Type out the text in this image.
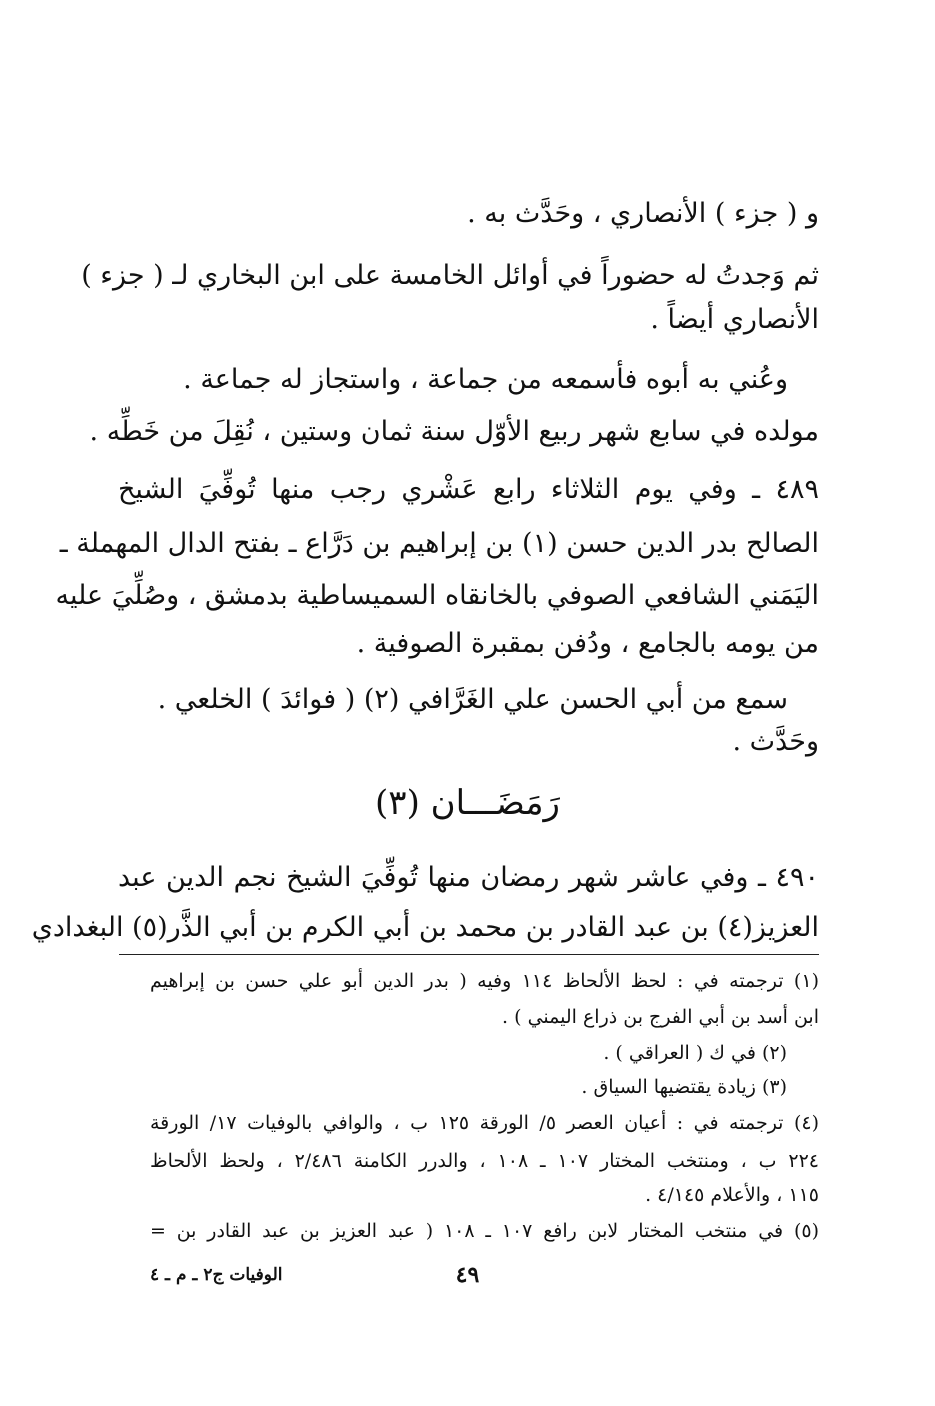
و ( جزء ) الأنصاري ، وحَدَّث به .
ثم وَجدتُ له حضوراً في أوائل الخامسة على ابن البخاري لـ ( جزء )
الأنصاري أيضاً .
وعُني به أبوه فأسمعه من جماعة ، واستجاز له جماعة .
مولده في سابع شهر ربيع الأوّل سنة ثمان وستين ، نُقِلَ من خَطِّه .
٤٨٩ ـ وفي يوم الثلاثاء رابع عَشْري رجب منها تُوفِّيَ الشيخ
الصالح بدر الدين حسن (١) بن إبراهيم بن دَرَّاع ـ بفتح الدال المهملة ـ
اليَمَني الشافعي الصوفي بالخانقاه السميساطية بدمشق ، وصُلِّيَ عليه
من يومه بالجامع ، ودُفن بمقبرة الصوفية .
سمع من أبي الحسن علي الغَرَّافي (٢) ( فوائدَ ) الخلعي .
وحَدَّث .
رَمَضَـــان (٣)
٤٩٠ ـ وفي عاشر شهر رمضان منها تُوفِّيَ الشيخ نجم الدين عبد
العزيز(٤) بن عبد القادر بن محمد بن أبي الكرم بن أبي الذَّر(٥) البغدادي
(١) ترجمته في : لحظ الألحاظ ١١٤ وفيه ( بدر الدين أبو علي حسن بن إبراهيم
ابن أسد بن أبي الفرج بن ذراع اليمني ) .
(٢) في ك ( العراقي ) .
(٣) زيادة يقتضيها السياق .
(٤) ترجمته في : أعيان العصر ٥/ الورقة ١٢٥ ب ، والوافي بالوفيات ١٧/ الورقة
٢٢٤ ب ، ومنتخب المختار ١٠٧ ـ ١٠٨ ، والدرر الكامنة ٢/٤٨٦ ، ولحظ الألحاظ
١١٥ ، والأعلام ٤/١٤٥ .
(٥) في منتخب المختار لابن رافع ١٠٧ ـ ١٠٨ ( عبد العزيز بن عبد القادر بن =
٤٩
الوفيات ج٢ ـ م ـ ٤
